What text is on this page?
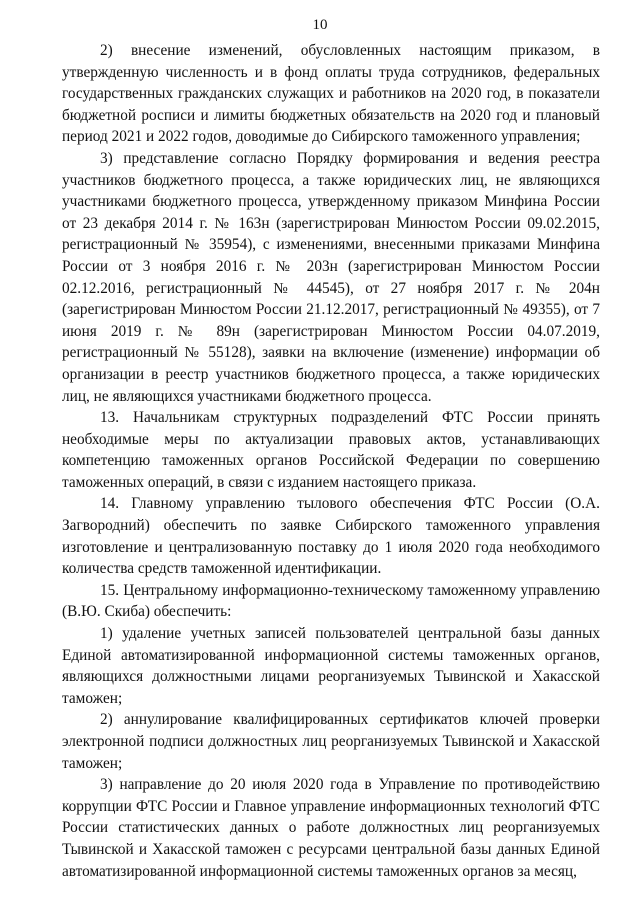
10

2) внесение изменений, обусловленных настоящим приказом, в утвержденную численность и в фонд оплаты труда сотрудников, федеральных государственных гражданских служащих и работников на 2020 год, в показатели бюджетной росписи и лимиты бюджетных обязательств на 2020 год и плановый период 2021 и 2022 годов, доводимые до Сибирского таможенного управления;

3) представление согласно Порядку формирования и ведения реестра участников бюджетного процесса, а также юридических лиц, не являющихся участниками бюджетного процесса, утвержденному приказом Минфина России от 23 декабря 2014 г. № 163н (зарегистрирован Минюстом России 09.02.2015, регистрационный № 35954), с изменениями, внесенными приказами Минфина России от 3 ноября 2016 г. № 203н (зарегистрирован Минюстом России 02.12.2016, регистрационный № 44545), от 27 ноября 2017 г. № 204н (зарегистрирован Минюстом России 21.12.2017, регистрационный № 49355), от 7 июня 2019 г. № 89н (зарегистрирован Минюстом России 04.07.2019, регистрационный № 55128), заявки на включение (изменение) информации об организации в реестр участников бюджетного процесса, а также юридических лиц, не являющихся участниками бюджетного процесса.

13. Начальникам структурных подразделений ФТС России принять необходимые меры по актуализации правовых актов, устанавливающих компетенцию таможенных органов Российской Федерации по совершению таможенных операций, в связи с изданием настоящего приказа.

14. Главному управлению тылового обеспечения ФТС России (О.А. Загвородний) обеспечить по заявке Сибирского таможенного управления изготовление и централизованную поставку до 1 июля 2020 года необходимого количества средств таможенной идентификации.

15. Центральному информационно-техническому таможенному управлению (В.Ю. Скиба) обеспечить:

1) удаление учетных записей пользователей центральной базы данных Единой автоматизированной информационной системы таможенных органов, являющихся должностными лицами реорганизуемых Тывинской и Хакасской таможен;

2) аннулирование квалифицированных сертификатов ключей проверки электронной подписи должностных лиц реорганизуемых Тывинской и Хакасской таможен;

3) направление до 20 июля 2020 года в Управление по противодействию коррупции ФТС России и Главное управление информационных технологий ФТС России статистических данных о работе должностных лиц реорганизуемых Тывинской и Хакасской таможен с ресурсами центральной базы данных Единой автоматизированной информационной системы таможенных органов за месяц,
